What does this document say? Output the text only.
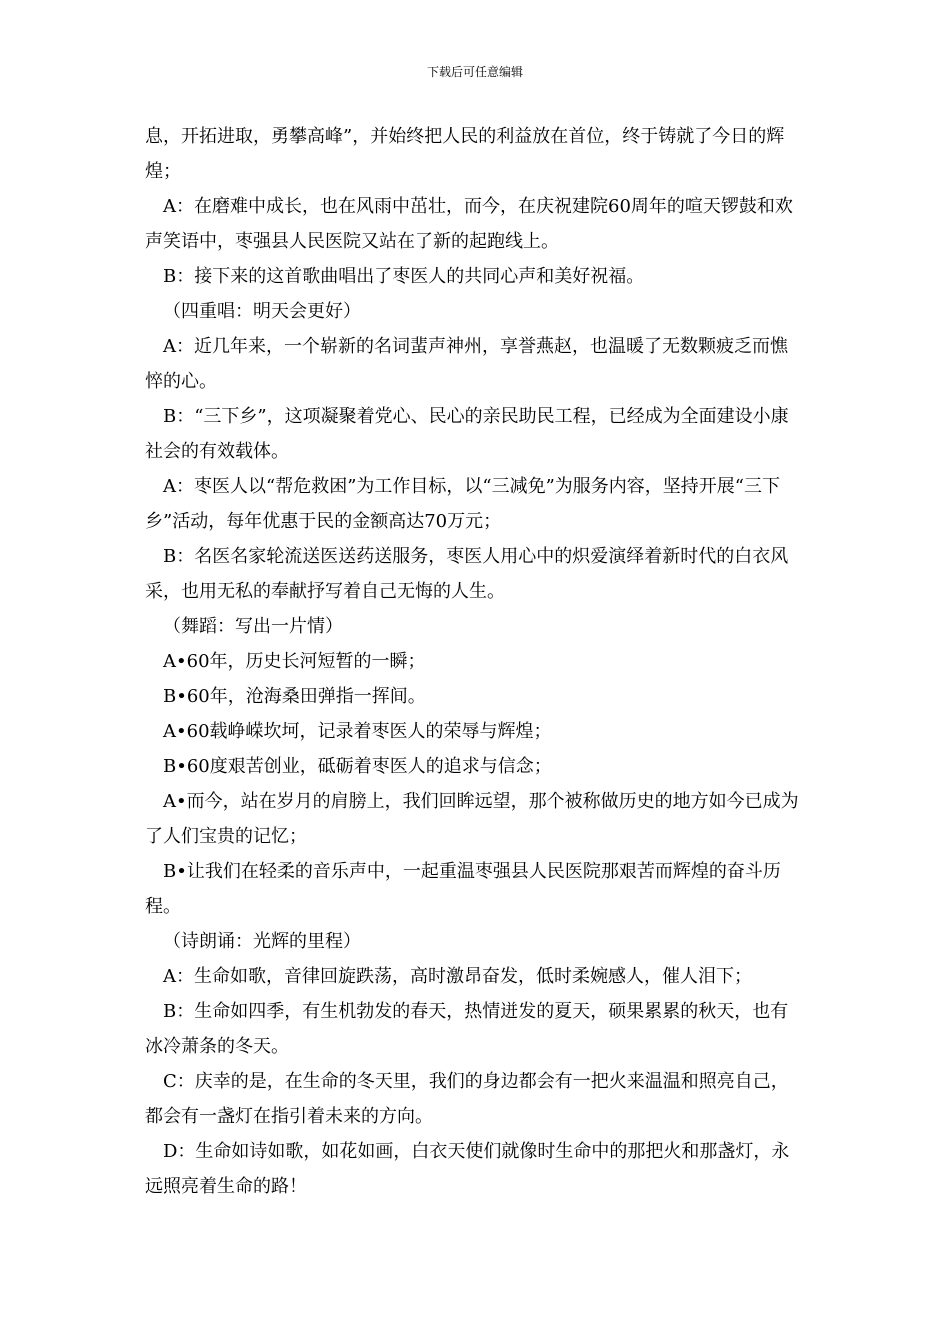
下载后可任意编辑

息，开拓进取，勇攀高峰”，并始终把人民的利益放在首位，终于铸就了今日的辉煌；

A：在磨难中成长，也在风雨中茁壮，而今，在庆祝建院60周年的喧天锣鼓和欢声笑语中，枣强县人民医院又站在了新的起跑线上。

B：接下来的这首歌曲唱出了枣医人的共同心声和美好祝福。

（四重唱：明天会更好）

A：近几年来，一个崭新的名词蜚声神州，享誉燕赵，也温暖了无数颗疲乏而憔悴的心。

B：“三下乡”，这项凝聚着党心、民心的亲民助民工程，已经成为全面建设小康社会的有效载体。

A：枣医人以“帮危救困”为工作目标，以“三减免”为服务内容，坚持开展“三下乡”活动，每年优惠于民的金额高达70万元；

B：名医名家轮流送医送药送服务，枣医人用心中的炽爱演绎着新时代的白衣风采，也用无私的奉献抒写着自己无悔的人生。

（舞蹈：写出一片情）

A•60年，历史长河短暂的一瞬；

B•60年，沧海桑田弹指一挥间。

A•60载峥嵘坎坷，记录着枣医人的荣辱与辉煌；

B•60度艰苦创业，砥砺着枣医人的追求与信念；

A•而今，站在岁月的肩膀上，我们回眸远望，那个被称做历史的地方如今已成为了人们宝贵的记忆；

B•让我们在轻柔的音乐声中，一起重温枣强县人民医院那艰苦而辉煌的奋斗历程。

（诗朗诵：光辉的里程）

A：生命如歌，音律回旋跌荡，高时激昂奋发，低时柔婉感人，催人泪下；

B：生命如四季，有生机勃发的春天，热情迸发的夏天，硕果累累的秋天，也有冰冷萧条的冬天。

C：庆幸的是，在生命的冬天里，我们的身边都会有一把火来温温和照亮自己，都会有一盏灯在指引着未来的方向。

D：生命如诗如歌，如花如画，白衣天使们就像时生命中的那把火和那盏灯，永远照亮着生命的路！
